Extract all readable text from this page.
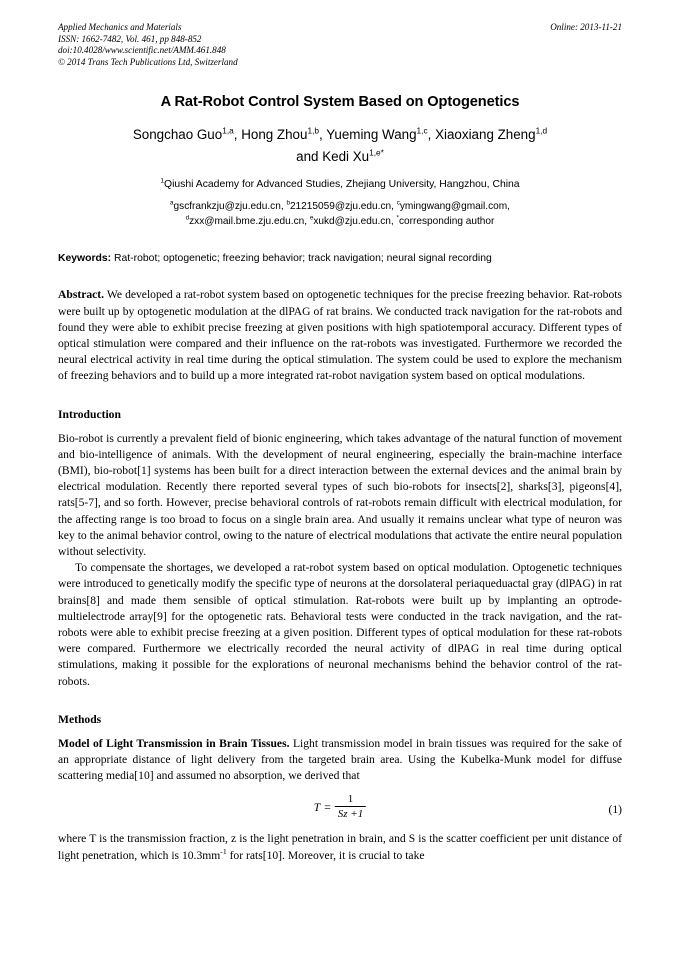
Applied Mechanics and Materials
ISSN: 1662-7482, Vol. 461, pp 848-852
doi:10.4028/www.scientific.net/AMM.461.848
© 2014 Trans Tech Publications Ltd, Switzerland
Online: 2013-11-21
A Rat-Robot Control System Based on Optogenetics
Songchao Guo$^{1,a}$, Hong Zhou$^{1,b}$, Yueming Wang$^{1,c}$, Xiaoxiang Zheng$^{1,d}$
and Kedi $Xu^{1,e*}$
$^1$Qiushi Academy for Advanced Studies, Zhejiang University, Hangzhou, China
$^a$gscfrankzju@zju.edu.cn, $^b$21215059@zju.edu.cn, $^c$ymingwang@gmail.com,
$^d$zxx@mail.bme.zju.edu.cn, $^e$xukd@zju.edu.cn, *corresponding author
Keywords: Rat-robot; optogenetic; freezing behavior; track navigation; neural signal recording
Abstract. We developed a rat-robot system based on optogenetic techniques for the precise freezing behavior. Rat-robots were built up by optogenetic modulation at the dlPAG of rat brains. We conducted track navigation for the rat-robots and found they were able to exhibit precise freezing at given positions with high spatiotemporal accuracy. Different types of optical stimulation were compared and their influence on the rat-robots was investigated. Furthermore we recorded the neural electrical activity in real time during the optical stimulation. The system could be used to explore the mechanism of freezing behaviors and to build up a more integrated rat-robot navigation system based on optical modulations.
Introduction
Bio-robot is currently a prevalent field of bionic engineering, which takes advantage of the natural function of movement and bio-intelligence of animals. With the development of neural engineering, especially the brain-machine interface (BMI), bio-robot[1] systems has been built for a direct interaction between the external devices and the animal brain by electrical modulation. Recently there reported several types of such bio-robots for insects[2], sharks[3], pigeons[4], rats[5-7], and so forth. However, precise behavioral controls of rat-robots remain difficult with electrical modulation, for the affecting range is too broad to focus on a single brain area. And usually it remains unclear what type of neuron was key to the animal behavior control, owing to the nature of electrical modulations that activate the entire neural population without selectivity.
To compensate the shortages, we developed a rat-robot system based on optical modulation. Optogenetic techniques were introduced to genetically modify the specific type of neurons at the dorsolateral periaqueduactal gray (dlPAG) in rat brains[8] and made them sensible of optical stimulation. Rat-robots were built up by implanting an optrode-multielectrode array[9] for the optogenetic rats. Behavioral tests were conducted in the track navigation, and the rat-robots were able to exhibit precise freezing at a given position. Different types of optical modulation for these rat-robots were compared. Furthermore we electrically recorded the neural activity of dlPAG in real time during optical stimulations, making it possible for the explorations of neuronal mechanisms behind the behavior control of the rat-robots.
Methods
Model of Light Transmission in Brain Tissues. Light transmission model in brain tissues was required for the sake of an appropriate distance of light delivery from the targeted brain area. Using the Kubelka-Munk model for diffuse scattering media[10] and assumed no absorption, we derived that
$T = \frac{1}{Sz +1}$	(1)
where T is the transmission fraction, z is the light penetration in brain, and S is the scatter coefficient per unit distance of light penetration, which is $10.3mm^{-1}$ for rats[10]. Moreover, it is crucial to take
